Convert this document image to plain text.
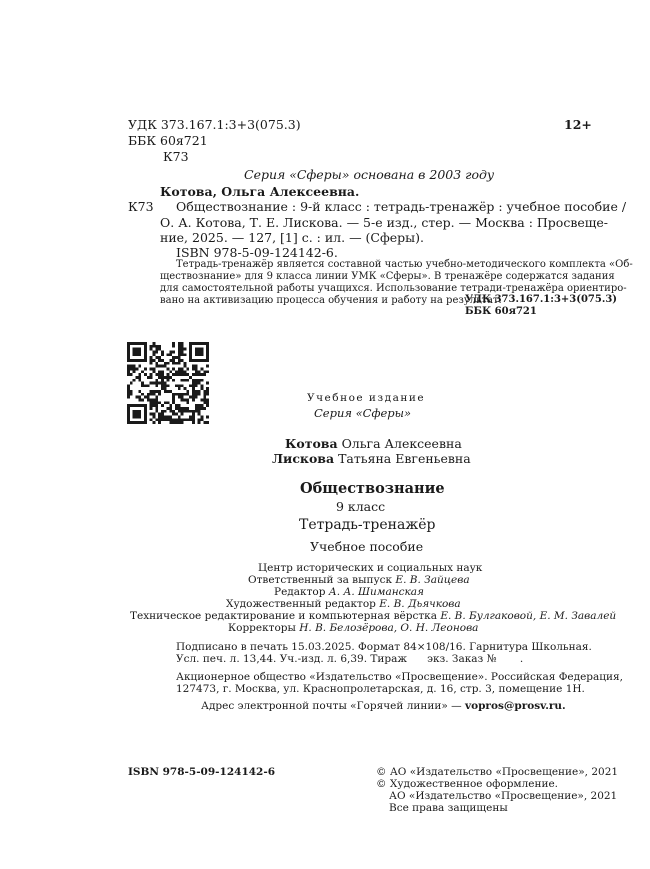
УДК 373.167.1:3+3(075.3)	12+
ББК 60я721
К73
Серия «Сферы» основана в 2003 году
Котова, Ольга Алексеевна.
К73 Обществознание : 9-й класс : тетрадь-тренажёр : учебное пособие /
О. А. Котова, Т. Е. Лискова. — 5-е изд., стер. — Москва : Просвеще-
ние, 2025. — 127, [1] с. : ил. — (Сферы).
ISBN 978-5-09-124142-6.
Тетрадь-тренажёр является составной частью учебно-методического комплекта «Об-
ществознание» для 9 класса линии УМК «Сферы». В тренажёре содержатся задания
для самостоятельной работы учащихся. Использование тетради-тренажёра ориентиро-
вано на активизацию процесса обучения и работу на результат.
УДК 373.167.1:3+3(075.3)
ББК 60я721
Учебное издание
Серия «Сферы»
Котова Ольга Алексеевна
Лискова Татьяна Евгеньевна
Обществознание
9 класс
Тетрадь-тренажёр
Учебное пособие
Центр исторических и социальных наук
Ответственный за выпуск Е. В. Зайцева
Редактор А. А. Шиманская
Художественный редактор Е. В. Дьячкова
Техническое редактирование и компьютерная вёрстка Е. В. Булгаковой, Е. М. Завалей
Корректоры Н. В. Белозёрова, О. Н. Леонова
Подписано в печать 15.03.2025. Формат 84×108/16. Гарнитура Школьная.
Усл. печ. л. 13,44. Уч.-изд. л. 6,39. Тираж      экз. Заказ №       .
Акционерное общество «Издательство «Просвещение». Российская Федерация,
127473, г. Москва, ул. Краснопролетарская, д. 16, стр. 3, помещение 1Н.
Адрес электронной почты «Горячей линии» — vopros@prosv.ru.
ISBN 978-5-09-124142-6	© АО «Издательство «Просвещение», 2021
© Художественное оформление.
АО «Издательство «Просвещение», 2021
Все права защищены
